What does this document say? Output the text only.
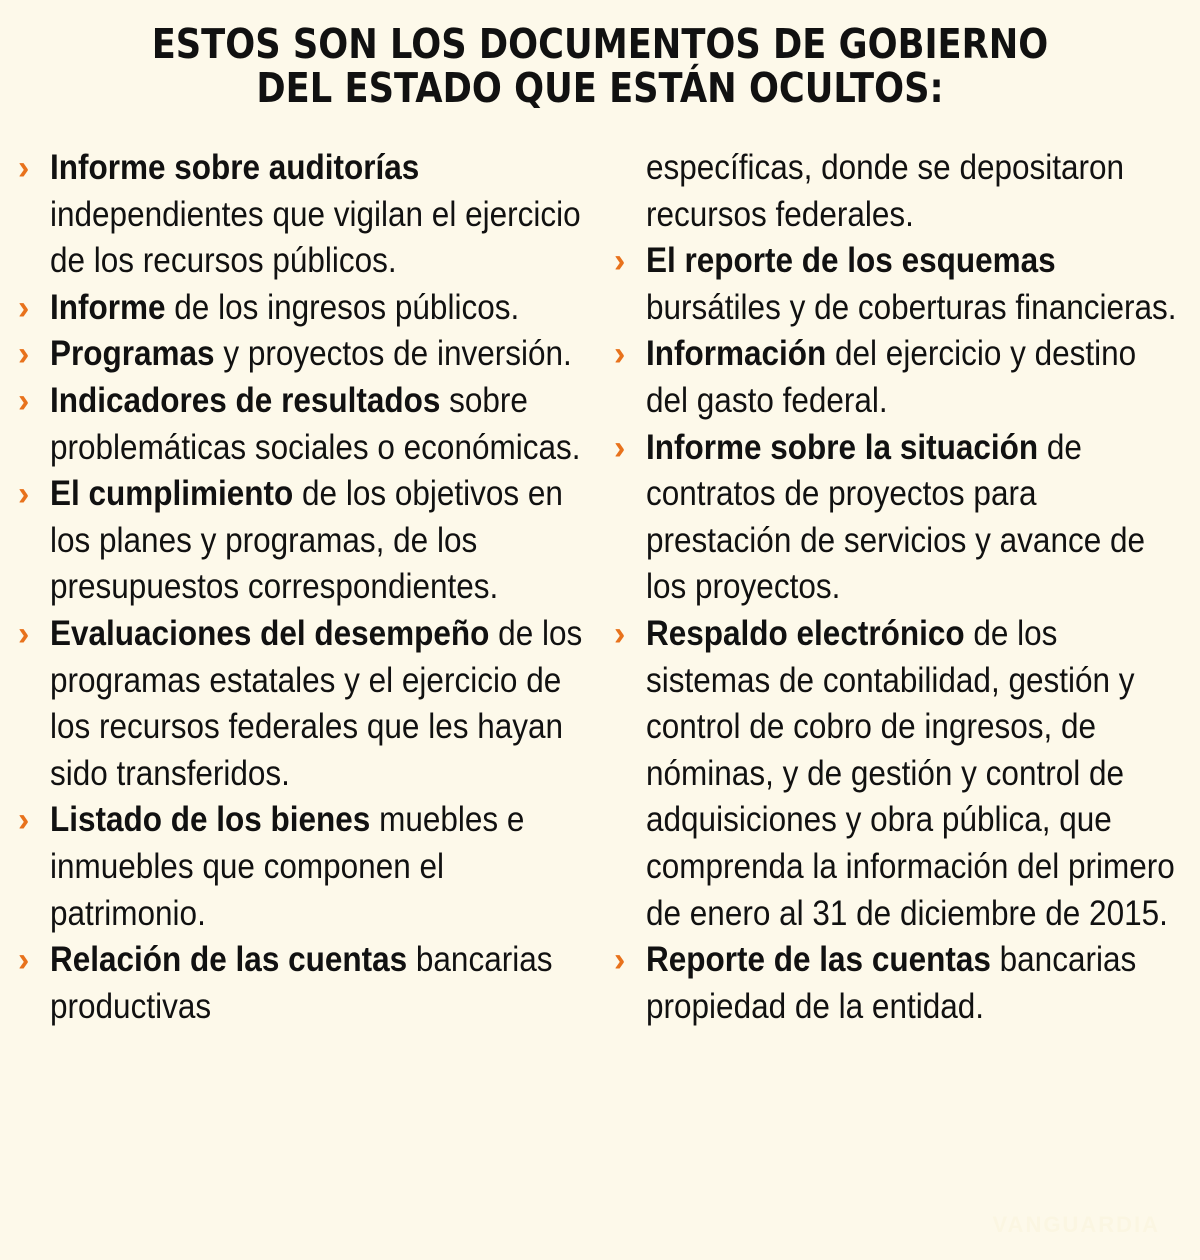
ESTOS SON LOS DOCUMENTOS DE GOBIERNO
DEL ESTADO QUE ESTÁN OCULTOS:
› Informe sobre auditorías independientes que vigilan el ejercicio de los recursos públicos.
› Informe de los ingresos públicos.
› Programas y proyectos de inversión.
› Indicadores de resultados sobre problemáticas sociales o económicas.
› El cumplimiento de los objetivos en los planes y programas, de los presupuestos correspondientes.
› Evaluaciones del desempeño de los programas estatales y el ejercicio de los recursos federales que les hayan sido transferidos.
› Listado de los bienes muebles e inmuebles que componen el patrimonio.
› Relación de las cuentas bancarias productivas
específicas, donde se depositaron recursos federales.
› El reporte de los esquemas bursátiles y de coberturas financieras.
› Información del ejercicio y destino del gasto federal.
› Informe sobre la situación de contratos de proyectos para prestación de servicios y avance de los proyectos.
› Respaldo electrónico de los sistemas de contabilidad, gestión y control de cobro de ingresos, de nóminas, y de gestión y control de adquisiciones y obra pública, que comprenda la información del primero de enero al 31 de diciembre de 2015.
› Reporte de las cuentas bancarias propiedad de la entidad.
VANGUARDIA
